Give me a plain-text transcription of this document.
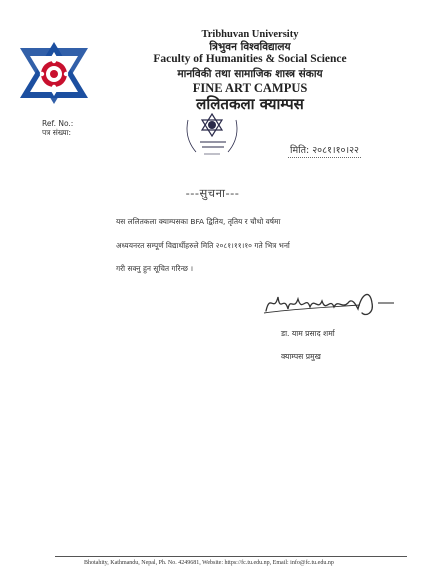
Tribhuvan University
त्रिभुवन विश्वविद्यालय
Faculty of Humanities & Social Science
मानविकी तथा सामाजिक शास्त्र संकाय
FINE ART CAMPUS
ललितकला क्याम्पस
Ref. No.:
पत्र संख्या:
मिति: २०८१।१०।२२
---सुचना---
यस ललितकला क्याम्पसका BFA द्वितिय, तृतिय र चौथो वर्षमा
अध्ययनरत सम्पूर्ण विद्यार्थीहरुले मिति २०८१।११।१० गते भित्र भर्ना
गरी सक्नु हुन सूचित गरिन्छ ।
डा. याम प्रसाद शर्मा
क्याम्पस प्रमुख
Bhotahity, Kathmandu, Nepal, Ph. No. 4249681, Website: https://fc.tu.edu.np, Email: info@fc.tu.edu.np
